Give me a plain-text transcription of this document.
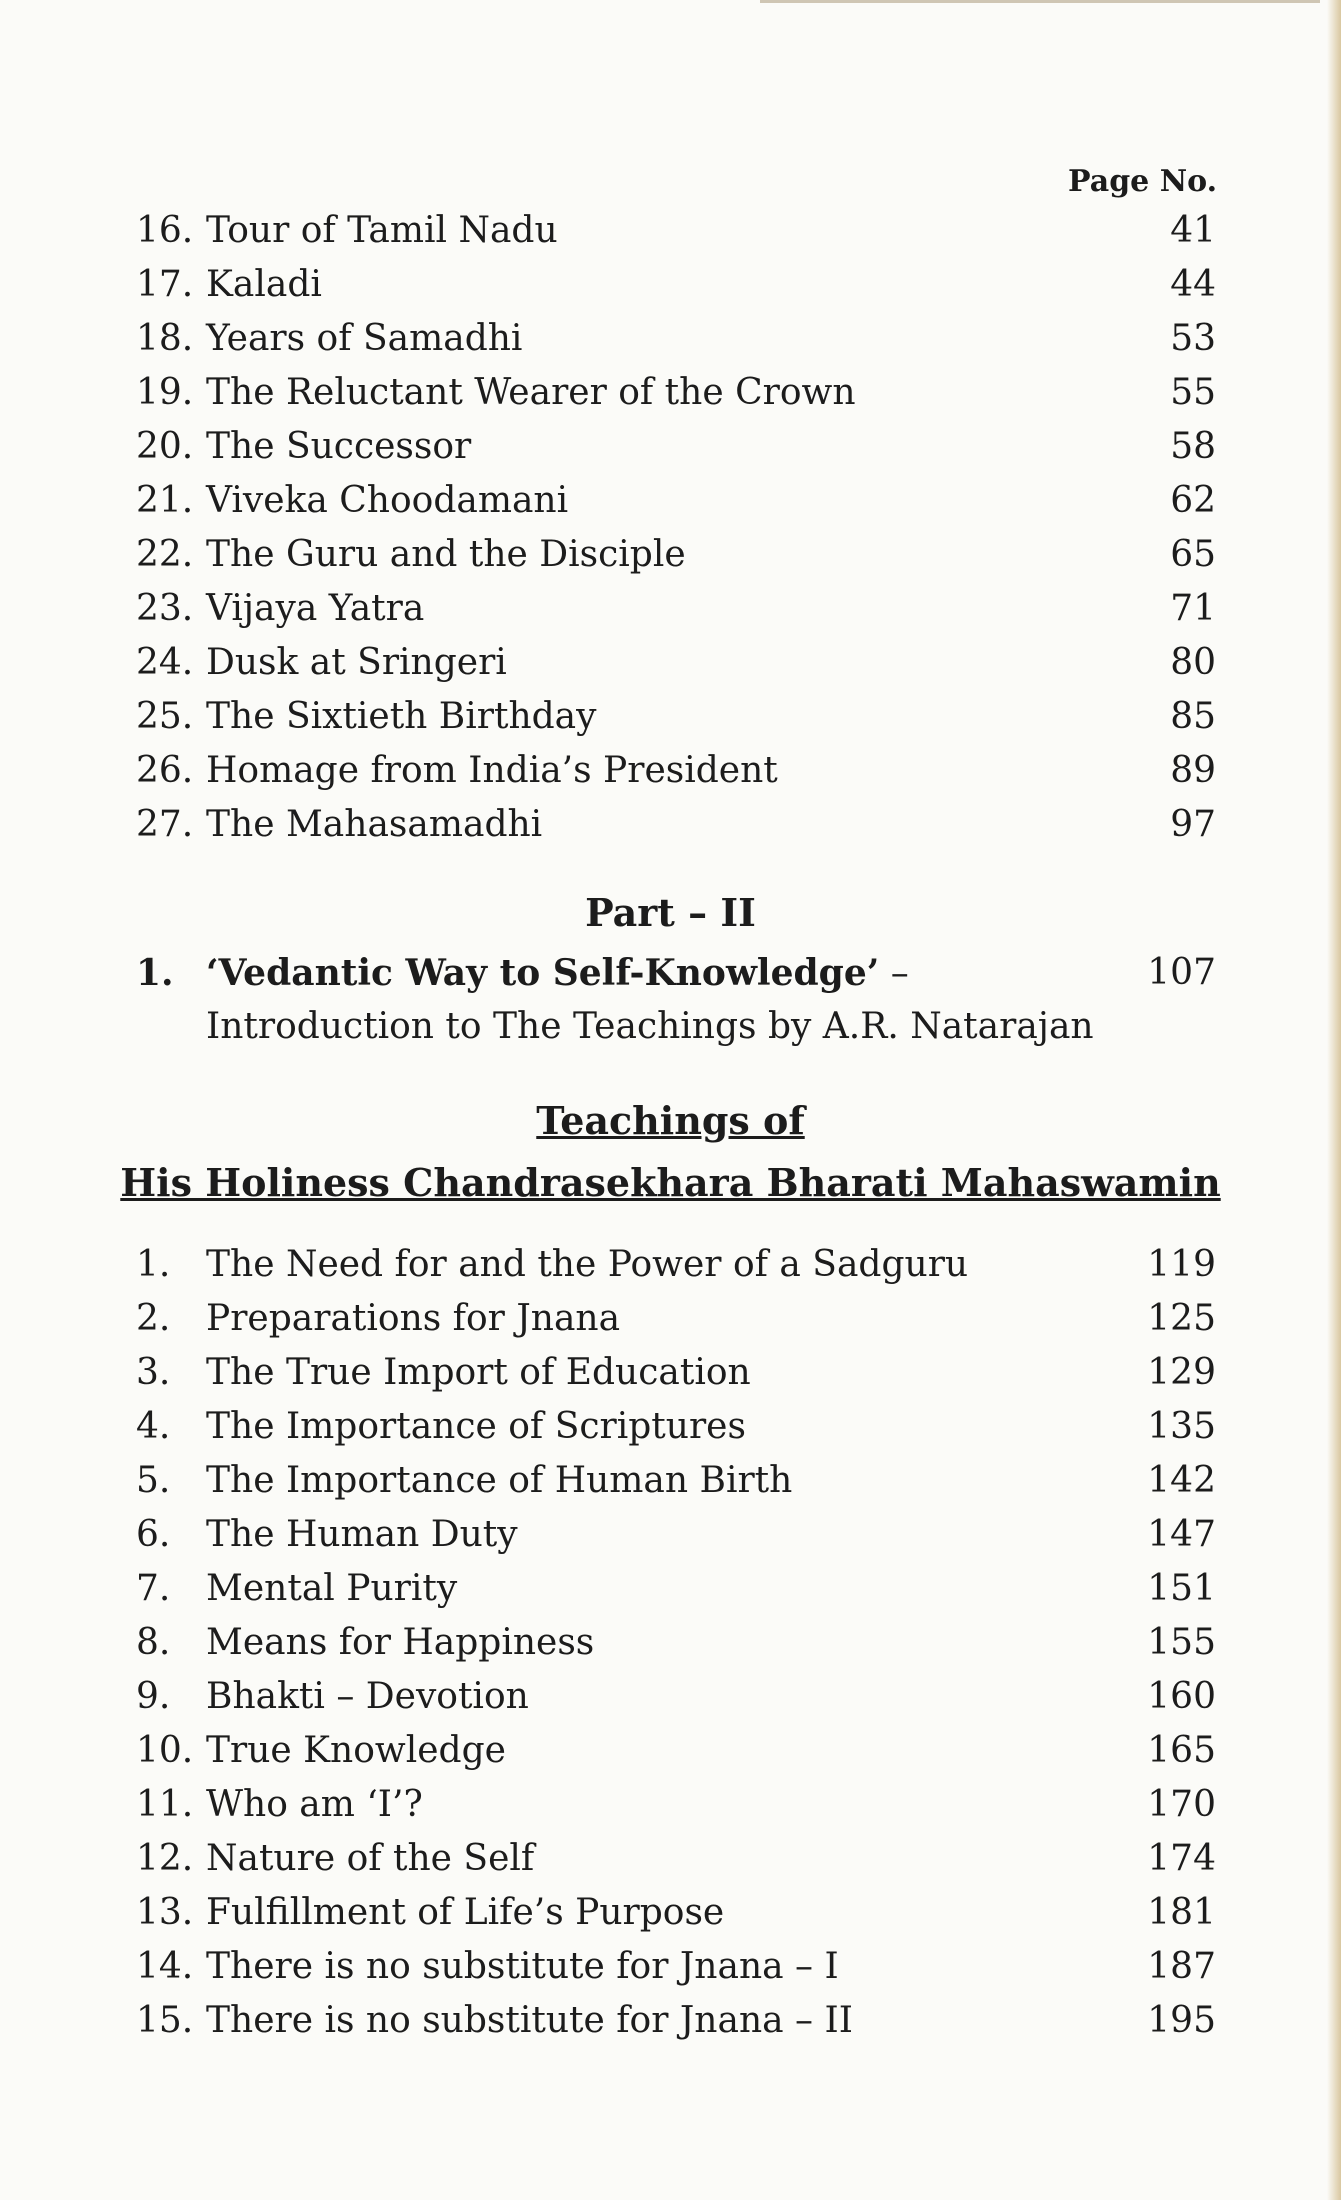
Page No.
16. Tour of Tamil Nadu	41
17. Kaladi	44
18. Years of Samadhi	53
19. The Reluctant Wearer of the Crown	55
20. The Successor	58
21. Viveka Choodamani	62
22. The Guru and the Disciple	65
23. Vijaya Yatra	71
24. Dusk at Sringeri	80
25. The Sixtieth Birthday	85
26. Homage from India’s President	89
27. The Mahasamadhi	97
Part – II
1. ‘Vedantic Way to Self-Knowledge’ –	107
Introduction to The Teachings by A.R. Natarajan
Teachings of
His Holiness Chandrasekhara Bharati Mahaswamin
1. The Need for and the Power of a Sadguru	119
2. Preparations for Jnana	125
3. The True Import of Education	129
4. The Importance of Scriptures	135
5. The Importance of Human Birth	142
6. The Human Duty	147
7. Mental Purity	151
8. Means for Happiness	155
9. Bhakti – Devotion	160
10. True Knowledge	165
11. Who am ‘I’?	170
12. Nature of the Self	174
13. Fulfillment of Life’s Purpose	181
14. There is no substitute for Jnana – I	187
15. There is no substitute for Jnana – II	195
